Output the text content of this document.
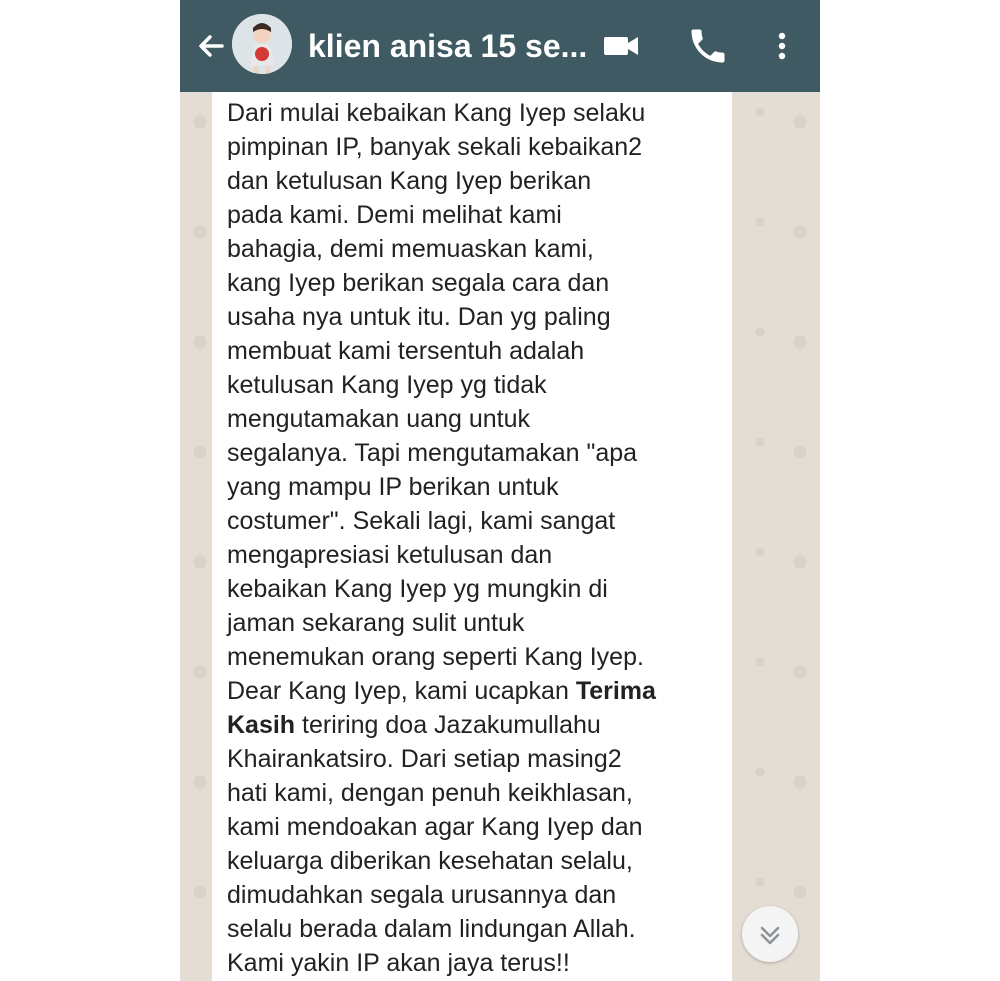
klien anisa 15 se...
Dari mulai kebaikan Kang Iyep selaku
pimpinan IP, banyak sekali kebaikan2
dan ketulusan Kang Iyep berikan
pada kami. Demi melihat kami
bahagia, demi memuaskan kami,
kang Iyep berikan segala cara dan
usaha nya untuk itu. Dan yg paling
membuat kami tersentuh adalah
ketulusan Kang Iyep yg tidak
mengutamakan uang untuk
segalanya. Tapi mengutamakan "apa
yang mampu IP berikan untuk
costumer". Sekali lagi, kami sangat
mengapresiasi ketulusan dan
kebaikan Kang Iyep yg mungkin di
jaman sekarang sulit untuk
menemukan orang seperti Kang Iyep.
Dear Kang Iyep, kami ucapkan Terima
Kasih teriring doa Jazakumullahu
Khairankatsiro. Dari setiap masing2
hati kami, dengan penuh keikhlasan,
kami mendoakan agar Kang Iyep dan
keluarga diberikan kesehatan selalu,
dimudahkan segala urusannya dan
selalu berada dalam lindungan Allah.
Kami yakin IP akan jaya terus!!
